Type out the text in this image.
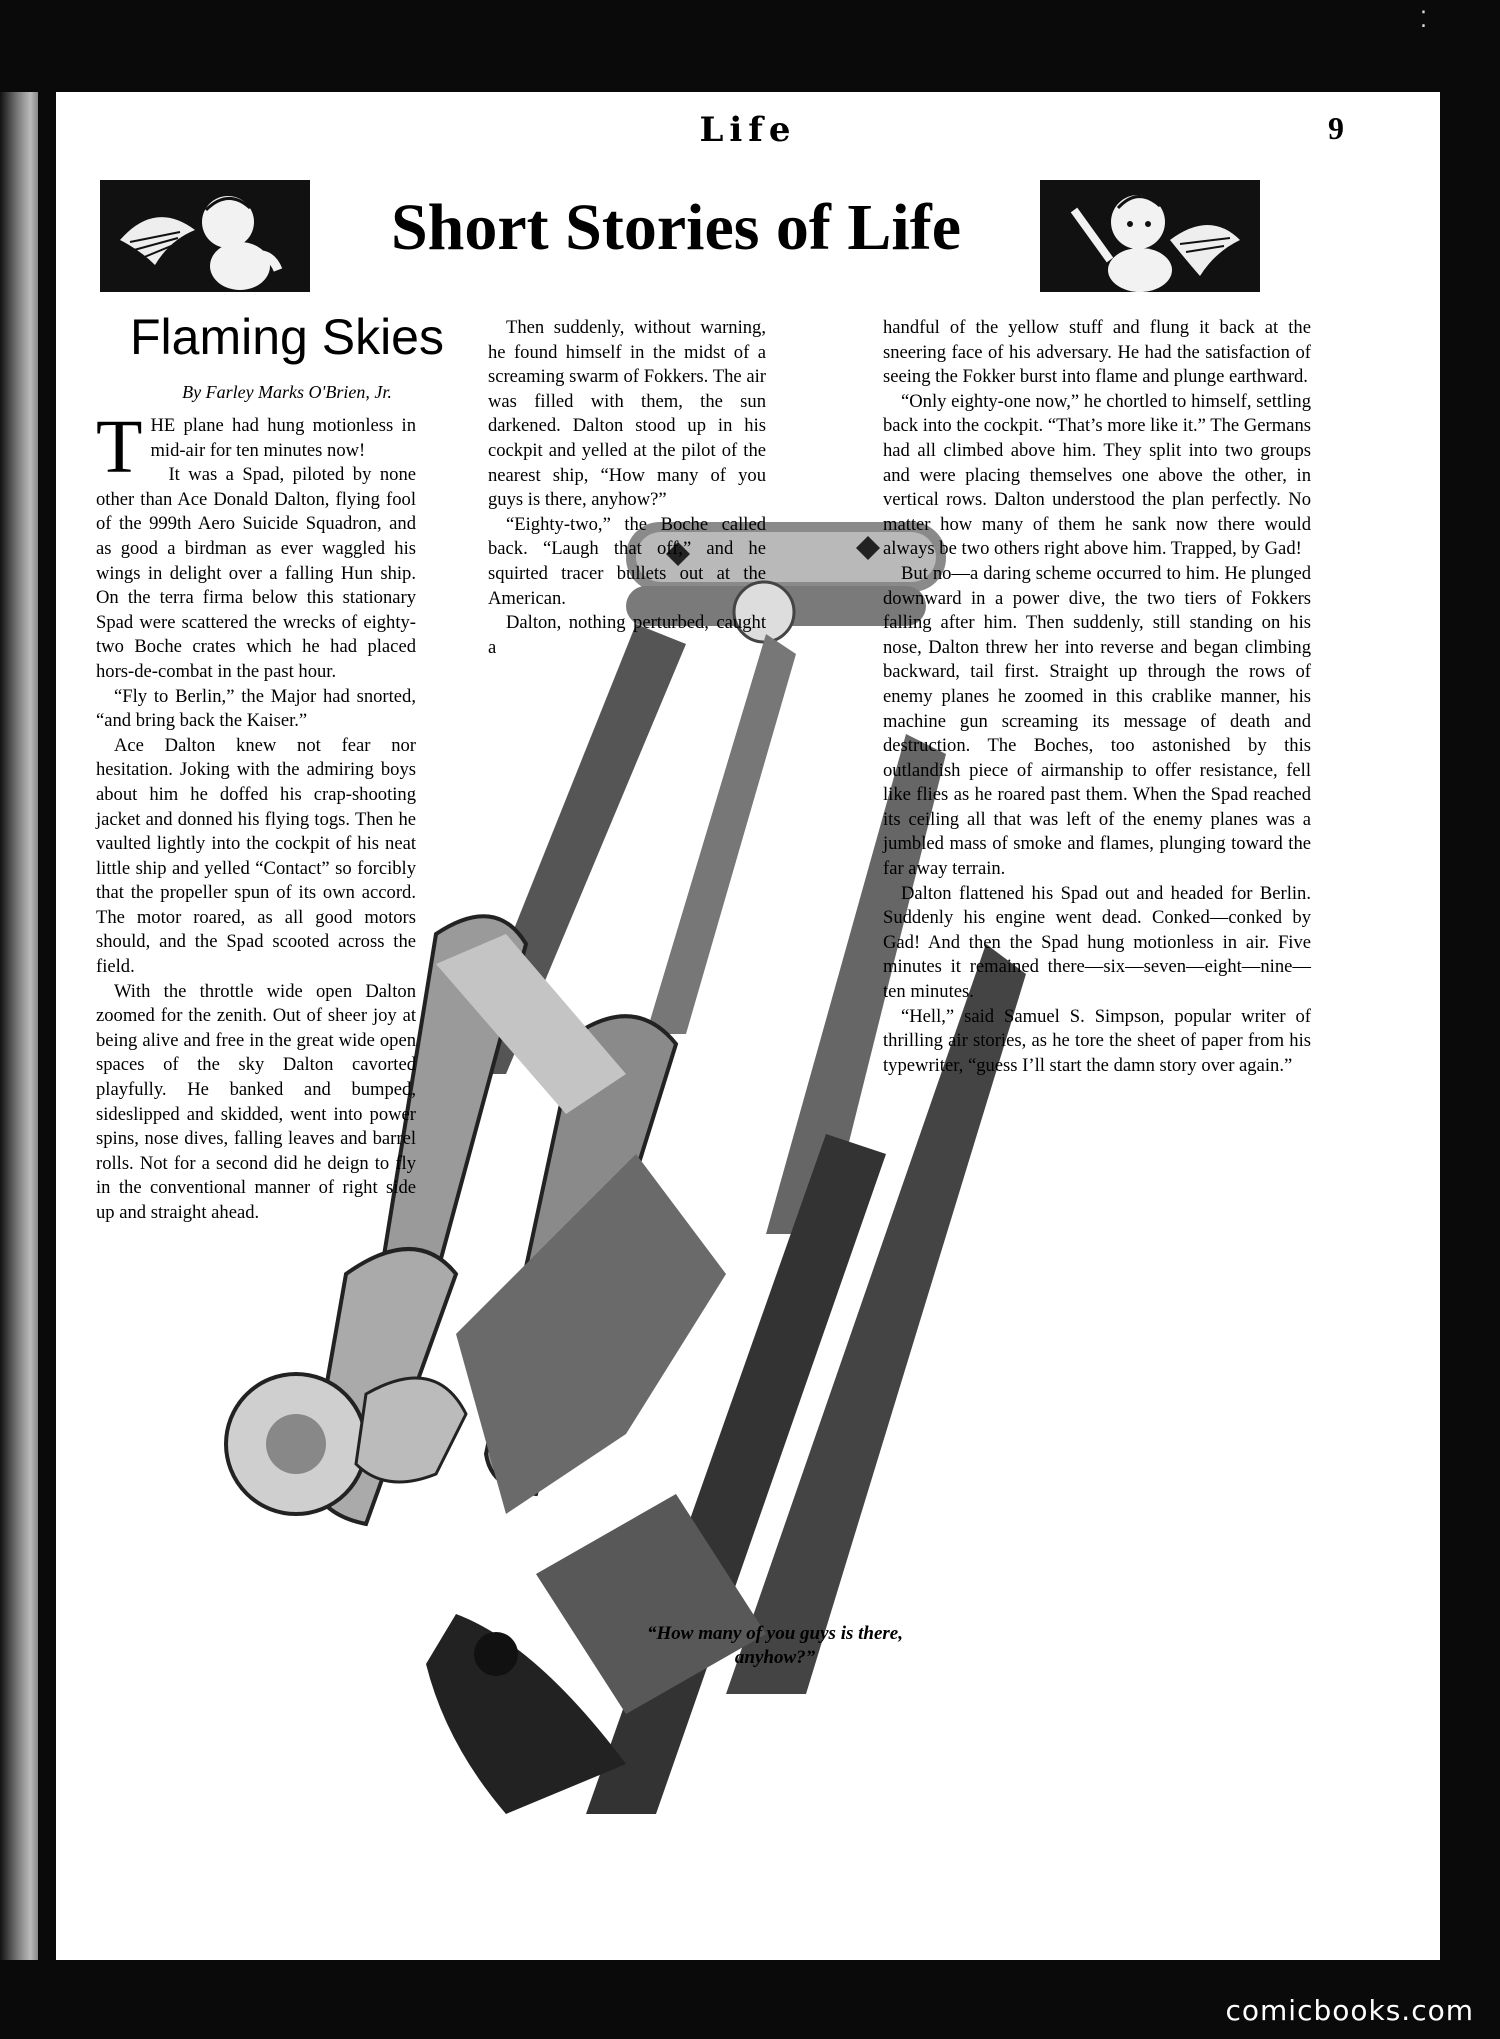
⁚
Life	9
Short Stories of Life
Flaming Skies
By Farley Marks O'Brien, Jr.

THE plane had hung motionless in mid-air for ten minutes now!

It was a Spad, piloted by none other than Ace Donald Dalton, flying fool of the 999th Aero Suicide Squadron, and as good a birdman as ever waggled his wings in delight over a falling Hun ship. On the terra firma below this stationary Spad were scattered the wrecks of eighty-two Boche crates which he had placed hors-de-combat in the past hour.

“Fly to Berlin,” the Major had snorted, “and bring back the Kaiser.”

Ace Dalton knew not fear nor hesitation. Joking with the admiring boys about him he doffed his crap-shooting jacket and donned his flying togs. Then he vaulted lightly into the cockpit of his neat little ship and yelled “Contact” so forcibly that the propeller spun of its own accord. The motor roared, as all good motors should, and the Spad scooted across the field.

With the throttle wide open Dalton zoomed for the zenith. Out of sheer joy at being alive and free in the great wide open spaces of the sky Dalton cavorted playfully. He banked and bumped, sideslipped and skidded, went into power spins, nose dives, falling leaves and barrel rolls. Not for a second did he deign to fly in the conventional manner of right side up and straight ahead.

Then suddenly, without warning, he found himself in the midst of a screaming swarm of Fokkers. The air was filled with them, the sun darkened. Dalton stood up in his cockpit and yelled at the pilot of the nearest ship, “How many of you guys is there, anyhow?”

“Eighty-two,” the Boche called back. “Laugh that off,” and he squirted tracer bullets out at the American.

Dalton, nothing perturbed, caught a

handful of the yellow stuff and flung it back at the sneering face of his adversary. He had the satisfaction of seeing the Fokker burst into flame and plunge earthward.

“Only eighty-one now,” he chortled to himself, settling back into the cockpit. “That’s more like it.” The Germans had all climbed above him. They split into two groups and were placing themselves one above the other, in vertical rows. Dalton understood the plan perfectly. No matter how many of them he sank now there would always be two others right above him. Trapped, by Gad!

But no—a daring scheme occurred to him. He plunged downward in a power dive, the two tiers of Fokkers falling after him. Then suddenly, still standing on his nose, Dalton threw her into reverse and began climbing backward, tail first. Straight up through the rows of enemy planes he zoomed in this crablike manner, his machine gun screaming its message of death and destruction. The Boches, too astonished by this outlandish piece of airmanship to offer resistance, fell like flies as he roared past them. When the Spad reached its ceiling all that was left of the enemy planes was a jumbled mass of smoke and flames, plunging toward the far away terrain.

Dalton flattened his Spad out and headed for Berlin. Suddenly his engine went dead. Conked—conked by Gad! And then the Spad hung motionless in air. Five minutes it remained there—six—seven—eight—nine—ten minutes.

“Hell,” said Samuel S. Simpson, popular writer of thrilling air stories, as he tore the sheet of paper from his typewriter, “guess I’ll start the damn story over again.”

“How many of you guys is there, anyhow?”
comicbooks.com
